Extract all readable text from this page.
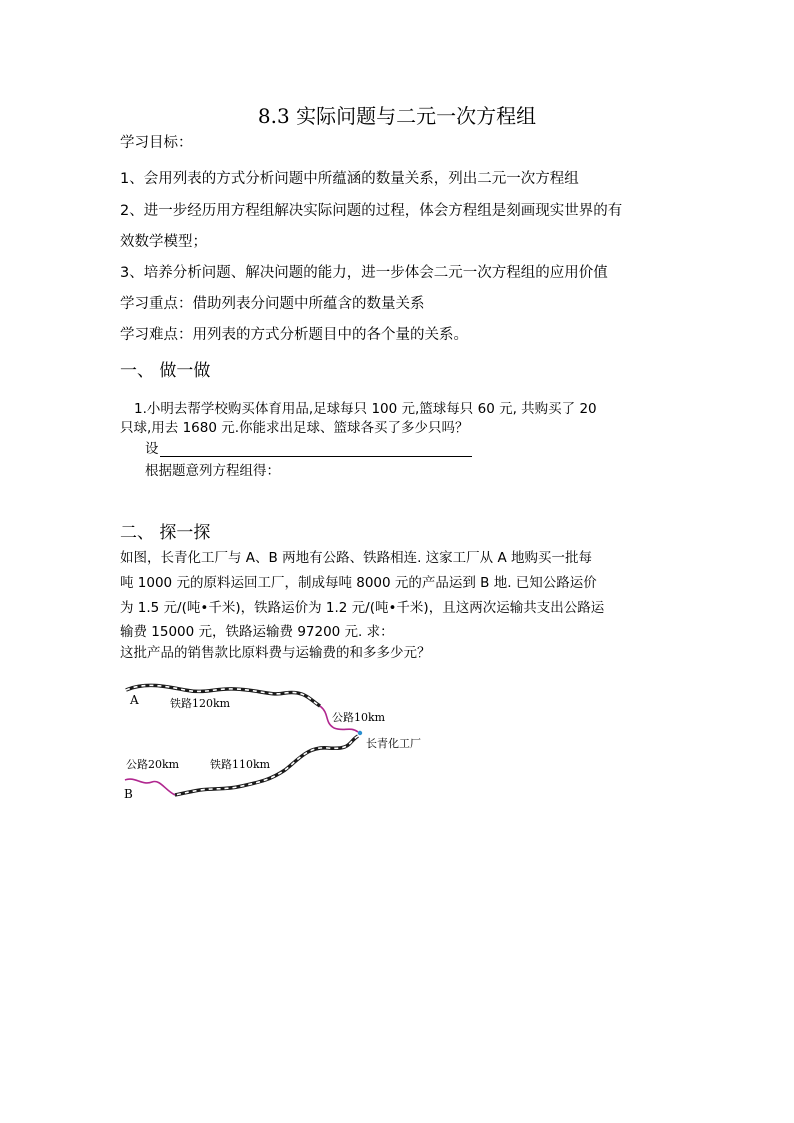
8.3 实际问题与二元一次方程组
学习目标：
1、会用列表的方式分析问题中所蕴涵的数量关系，列出二元一次方程组
2、进一步经历用方程组解决实际问题的过程，体会方程组是刻画现实世界的有
效数学模型；
3、培养分析问题、解决问题的能力，进一步体会二元一次方程组的应用价值
学习重点：借助列表分问题中所蕴含的数量关系
学习难点：用列表的方式分析题目中的各个量的关系。
一、 做一做
1.小明去帮学校购买体育用品,足球每只 100 元,篮球每只 60 元, 共购买了 20
只球,用去 1680 元.你能求出足球、篮球各买了多少只吗？
设
根据题意列方程组得：
二、 探一探
如图，长青化工厂与 A、B 两地有公路、铁路相连. 这家工厂从 A 地购买一批每
吨 1000 元的原料运回工厂，制成每吨 8000 元的产品运到 B 地. 已知公路运价
为 1.5 元/(吨•千米)，铁路运价为 1.2 元/(吨•千米)，且这两次运输共支出公路运
输费 15000 元，铁路运输费 97200 元. 求：
这批产品的销售款比原料费与运输费的和多多少元？
A	铁路120km
公路10km
长青化工厂
公路20km	铁路110km
B
